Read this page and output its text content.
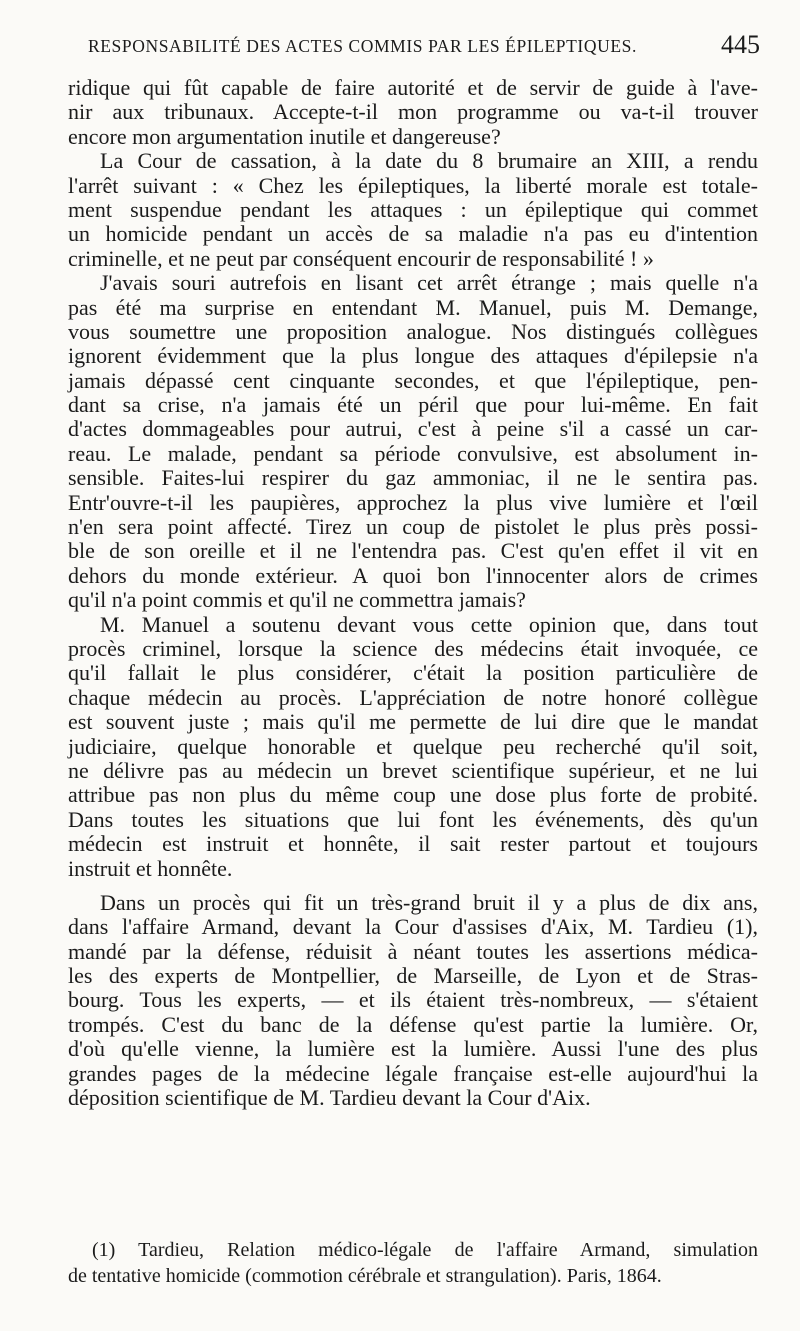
RESPONSABILITÉ DES ACTES COMMIS PAR LES ÉPILEPTIQUES.	445
ridique qui fût capable de faire autorité et de servir de guide à l'ave-
nir aux tribunaux. Accepte-t-il mon programme ou va-t-il trouver
encore mon argumentation inutile et dangereuse?
La Cour de cassation, à la date du 8 brumaire an XIII, a rendu
l'arrêt suivant : « Chez les épileptiques, la liberté morale est totale-
ment suspendue pendant les attaques : un épileptique qui commet
un homicide pendant un accès de sa maladie n'a pas eu d'intention
criminelle, et ne peut par conséquent encourir de responsabilité ! »
J'avais souri autrefois en lisant cet arrêt étrange ; mais quelle n'a
pas été ma surprise en entendant M. Manuel, puis M. Demange,
vous soumettre une proposition analogue. Nos distingués collègues
ignorent évidemment que la plus longue des attaques d'épilepsie n'a
jamais dépassé cent cinquante secondes, et que l'épileptique, pen-
dant sa crise, n'a jamais été un péril que pour lui-même. En fait
d'actes dommageables pour autrui, c'est à peine s'il a cassé un car-
reau. Le malade, pendant sa période convulsive, est absolument in-
sensible. Faites-lui respirer du gaz ammoniac, il ne le sentira pas.
Entr'ouvre-t-il les paupières, approchez la plus vive lumière et l'œil
n'en sera point affecté. Tirez un coup de pistolet le plus près possi-
ble de son oreille et il ne l'entendra pas. C'est qu'en effet il vit en
dehors du monde extérieur. A quoi bon l'innocenter alors de crimes
qu'il n'a point commis et qu'il ne commettra jamais?
M. Manuel a soutenu devant vous cette opinion que, dans tout
procès criminel, lorsque la science des médecins était invoquée, ce
qu'il fallait le plus considérer, c'était la position particulière de
chaque médecin au procès. L'appréciation de notre honoré collègue
est souvent juste ; mais qu'il me permette de lui dire que le mandat
judiciaire, quelque honorable et quelque peu recherché qu'il soit,
ne délivre pas au médecin un brevet scientifique supérieur, et ne lui
attribue pas non plus du même coup une dose plus forte de probité.
Dans toutes les situations que lui font les événements, dès qu'un
médecin est instruit et honnête, il sait rester partout et toujours
instruit et honnête.
Dans un procès qui fit un très-grand bruit il y a plus de dix ans,
dans l'affaire Armand, devant la Cour d'assises d'Aix, M. Tardieu (1),
mandé par la défense, réduisit à néant toutes les assertions médica-
les des experts de Montpellier, de Marseille, de Lyon et de Stras-
bourg. Tous les experts, — et ils étaient très-nombreux, — s'étaient
trompés. C'est du banc de la défense qu'est partie la lumière. Or,
d'où qu'elle vienne, la lumière est la lumière. Aussi l'une des plus
grandes pages de la médecine légale française est-elle aujourd'hui la
déposition scientifique de M. Tardieu devant la Cour d'Aix.
(1) Tardieu, Relation médico-légale de l'affaire Armand, simulation
de tentative homicide (commotion cérébrale et strangulation). Paris, 1864.
